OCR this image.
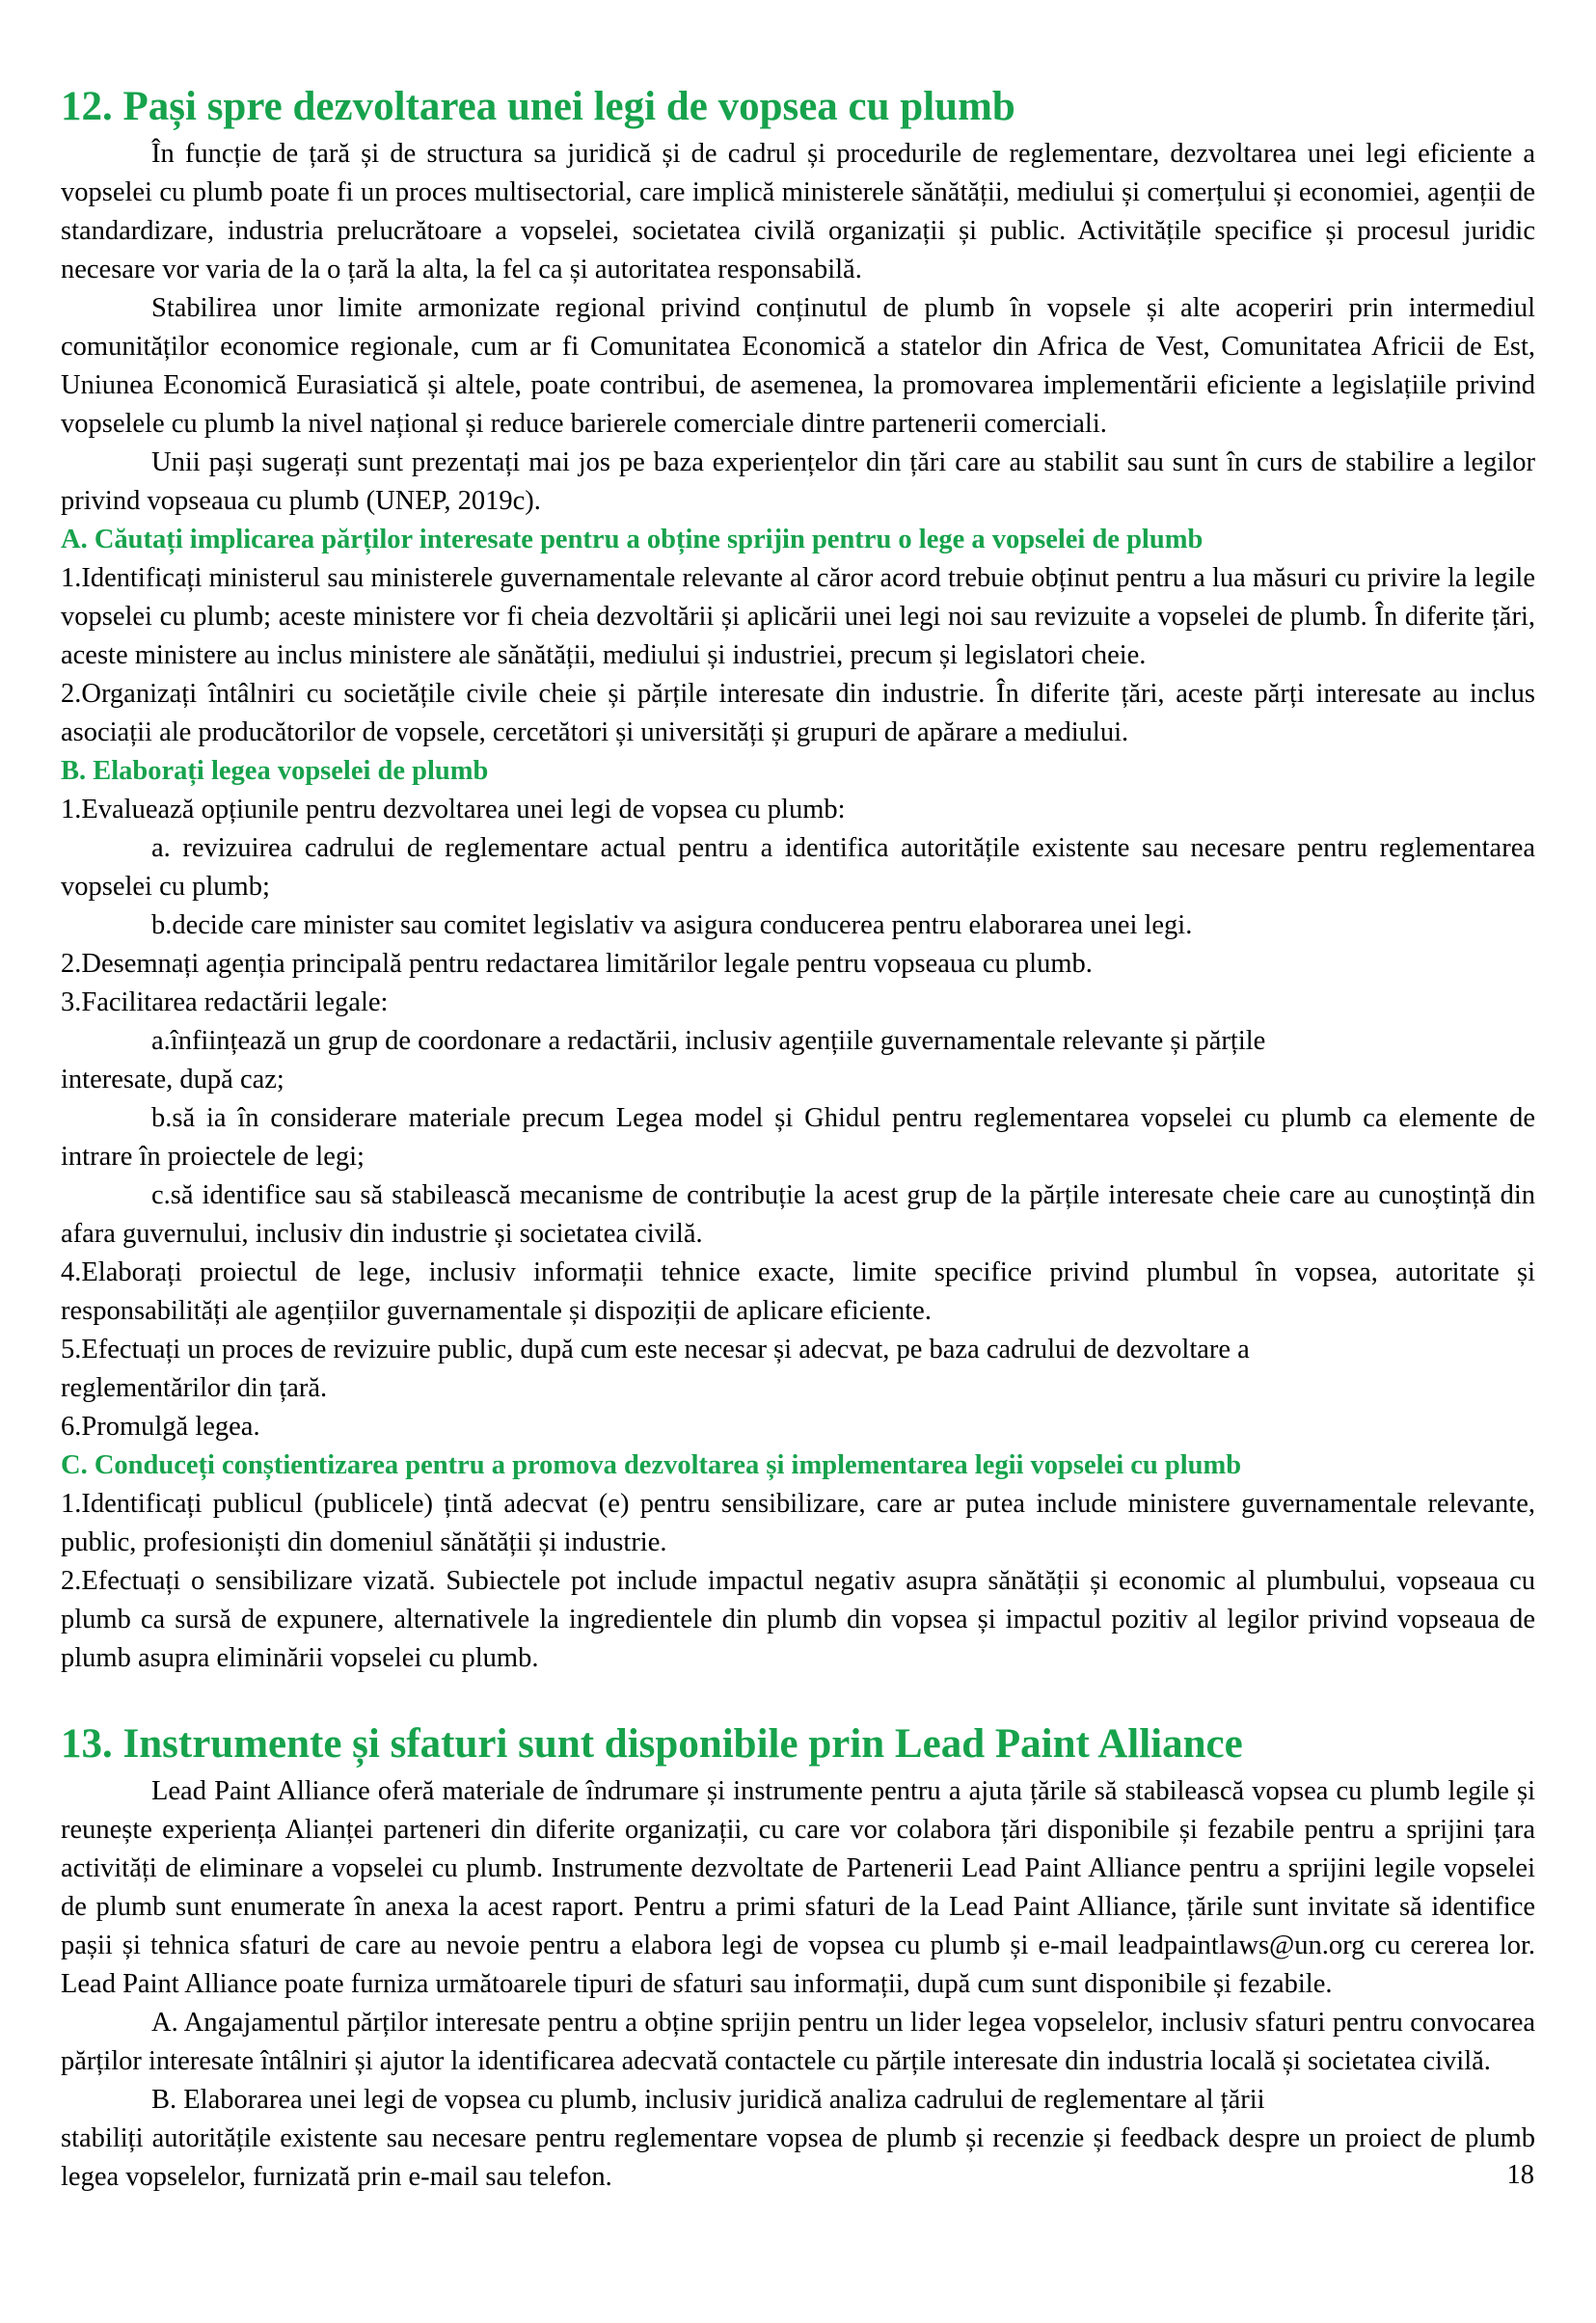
12. Pași spre dezvoltarea unei legi de vopsea cu plumb

În funcție de țară și de structura sa juridică și de cadrul și procedurile de reglementare, dezvoltarea unei legi eficiente a vopselei cu plumb poate fi un proces multisectorial, care implică ministerele sănătății, mediului și comerțului și economiei, agenții de standardizare, industria prelucrătoare a vopselei, societatea civilă organizații și public. Activitățile specifice și procesul juridic necesare vor varia de la o țară la alta, la fel ca și autoritatea responsabilă.

Stabilirea unor limite armonizate regional privind conținutul de plumb în vopsele și alte acoperiri prin intermediul comunităților economice regionale, cum ar fi Comunitatea Economică a statelor din Africa de Vest, Comunitatea Africii de Est, Uniunea Economică Eurasiatică și altele, poate contribui, de asemenea, la promovarea implementării eficiente a legislațiile privind vopselele cu plumb la nivel național și reduce barierele comerciale dintre partenerii comerciali.

Unii pași sugerați sunt prezentați mai jos pe baza experiențelor din țări care au stabilit sau sunt în curs de stabilire a legilor privind vopseaua cu plumb (UNEP, 2019c).

A. Căutați implicarea părților interesate pentru a obține sprijin pentru o lege a vopselei de plumb

1.Identificați ministerul sau ministerele guvernamentale relevante al căror acord trebuie obținut pentru a lua măsuri cu privire la legile vopselei cu plumb; aceste ministere vor fi cheia dezvoltării și aplicării unei legi noi sau revizuite a vopselei de plumb. În diferite țări, aceste ministere au inclus ministere ale sănătății, mediului și industriei, precum și legislatori cheie.

2.Organizați întâlniri cu societățile civile cheie și părțile interesate din industrie. În diferite țări, aceste părți interesate au inclus asociații ale producătorilor de vopsele, cercetători și universități și grupuri de apărare a mediului.

B. Elaborați legea vopselei de plumb

1.Evaluează opțiunile pentru dezvoltarea unei legi de vopsea cu plumb:

a. revizuirea cadrului de reglementare actual pentru a identifica autoritățile existente sau necesare pentru reglementarea vopselei cu plumb;

b.decide care minister sau comitet legislativ va asigura conducerea pentru elaborarea unei legi.

2.Desemnați agenția principală pentru redactarea limitărilor legale pentru vopseaua cu plumb.

3.Facilitarea redactării legale:

a.înființează un grup de coordonare a redactării, inclusiv agențiile guvernamentale relevante și părțile

interesate, după caz;

b.să ia în considerare materiale precum Legea model și Ghidul pentru reglementarea vopselei cu plumb ca elemente de intrare în proiectele de legi;

c.să identifice sau să stabilească mecanisme de contribuție la acest grup de la părțile interesate cheie care au cunoștință din afara guvernului, inclusiv din industrie și societatea civilă.

4.Elaborați proiectul de lege, inclusiv informații tehnice exacte, limite specifice privind plumbul în vopsea, autoritate și responsabilități ale agențiilor guvernamentale și dispoziții de aplicare eficiente.

5.Efectuați un proces de revizuire public, după cum este necesar și adecvat, pe baza cadrului de dezvoltare a

reglementărilor din țară.

6.Promulgă legea.

C. Conduceți conștientizarea pentru a promova dezvoltarea și implementarea legii vopselei cu plumb

1.Identificați publicul (publicele) țintă adecvat (e) pentru sensibilizare, care ar putea include ministere guvernamentale relevante, public, profesioniști din domeniul sănătății și industrie.

2.Efectuați o sensibilizare vizată. Subiectele pot include impactul negativ asupra sănătății și economic al plumbului, vopseaua cu plumb ca sursă de expunere, alternativele la ingredientele din plumb din vopsea și impactul pozitiv al legilor privind vopseaua de plumb asupra eliminării vopselei cu plumb.

13. Instrumente și sfaturi sunt disponibile prin Lead Paint Alliance

Lead Paint Alliance oferă materiale de îndrumare și instrumente pentru a ajuta țările să stabilească vopsea cu plumb legile și reunește experiența Alianței parteneri din diferite organizații, cu care vor colabora țări disponibile și fezabile pentru a sprijini țara activități de eliminare a vopselei cu plumb. Instrumente dezvoltate de Partenerii Lead Paint Alliance pentru a sprijini legile vopselei de plumb sunt enumerate în anexa la acest raport. Pentru a primi sfaturi de la Lead Paint Alliance, țările sunt invitate să identifice pașii și tehnica sfaturi de care au nevoie pentru a elabora legi de vopsea cu plumb și e-mail leadpaintlaws@un.org cu cererea lor. Lead Paint Alliance poate furniza următoarele tipuri de sfaturi sau informații, după cum sunt disponibile și fezabile.

A. Angajamentul părților interesate pentru a obține sprijin pentru un lider legea vopselelor, inclusiv sfaturi pentru convocarea părților interesate întâlniri și ajutor la identificarea adecvată contactele cu părțile interesate din industria locală și societatea civilă.

B. Elaborarea unei legi de vopsea cu plumb, inclusiv juridică analiza cadrului de reglementare al țării

stabiliți autoritățile existente sau necesare pentru reglementare vopsea de plumb și recenzie și feedback despre un proiect de plumb legea vopselelor, furnizată prin e-mail sau telefon.	18
